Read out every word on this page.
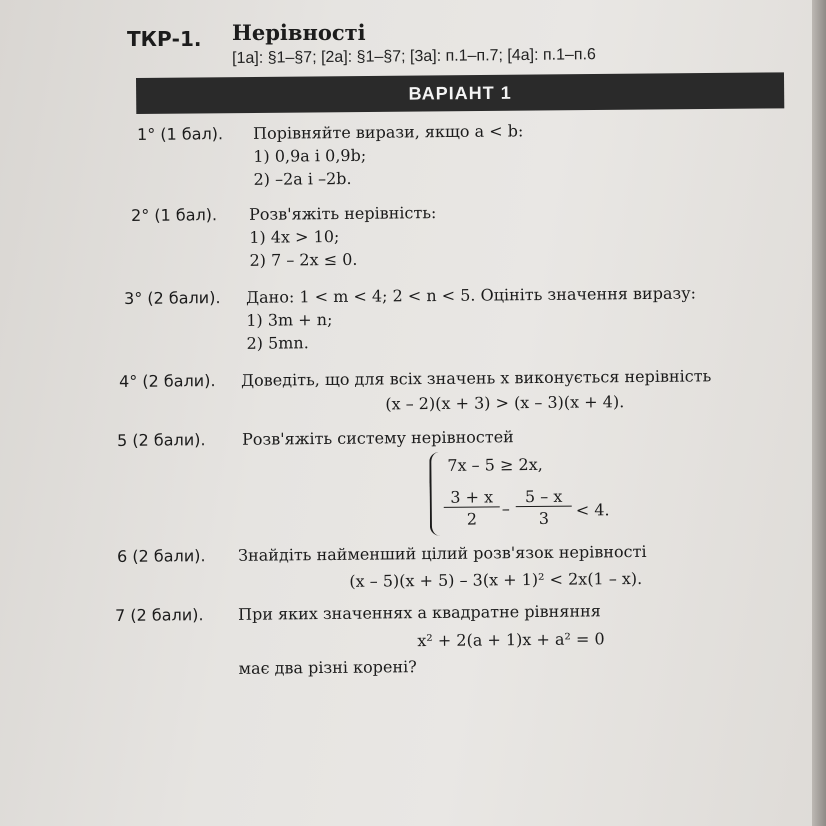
ТКР-1. Нерівності
[1а]: §1–§7; [2а]: §1–§7; [3а]: п.1–п.7; [4а]: п.1–п.6
ВАРІАНТ 1
1° (1 бал). Порівняйте вирази, якщо a < b:
1) 0,9a і 0,9b;
2) –2a і –2b.
2° (1 бал). Розв'яжіть нерівність:
1) 4x > 10;
2) 7 – 2x ≤ 0.
3° (2 бали). Дано: 1 < m < 4; 2 < n < 5. Оцініть значення виразу:
1) 3m + n;
2) 5mn.
4° (2 бали). Доведіть, що для всіх значень x виконується нерівність
(x – 2)(x + 3) > (x – 3)(x + 4).
5 (2 бали). Розв'яжіть систему нерівностей
7x – 5 ≥ 2x,
$\frac{3 + x}{2} - \frac{5 - x}{3} < 4$.
6 (2 бали). Знайдіть найменший цілий розв'язок нерівності
(x – 5)(x + 5) – 3(x + 1)² < 2x(1 – x).
7 (2 бали). При яких значеннях a квадратне рівняння
x² + 2(a + 1)x + a² = 0
має два різні корені?
